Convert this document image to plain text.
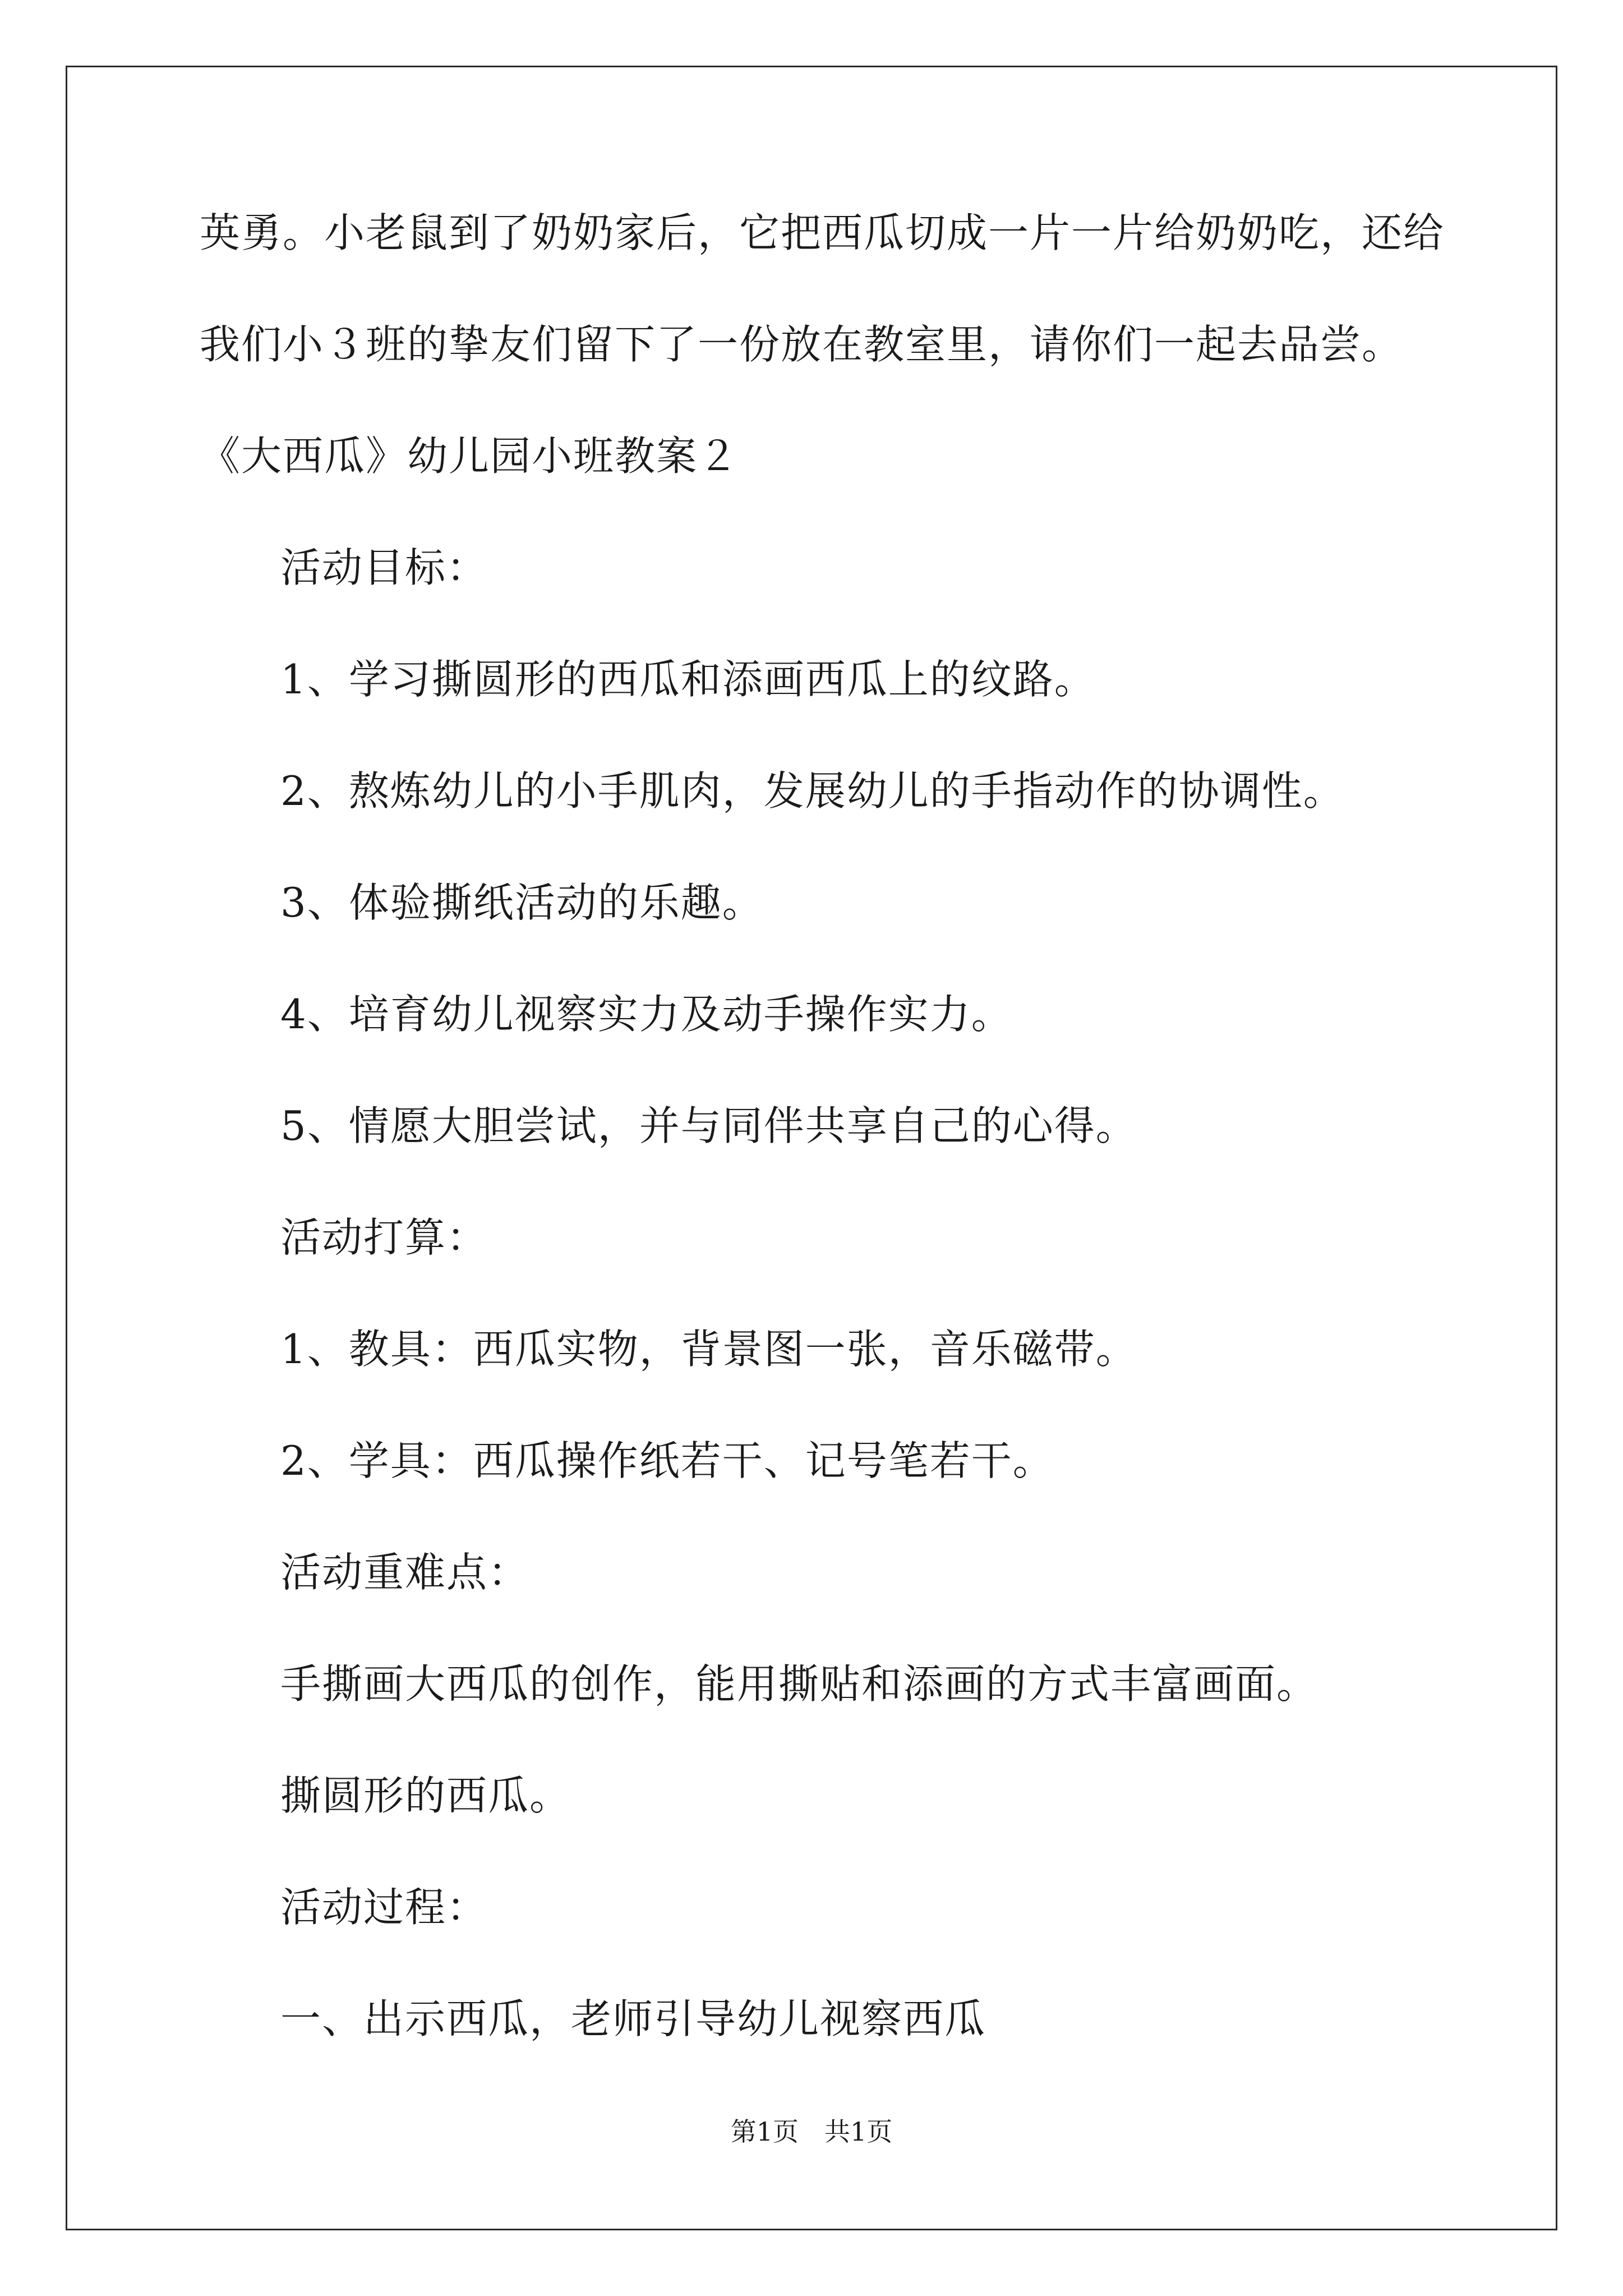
英勇。小老鼠到了奶奶家后，它把西瓜切成一片一片给奶奶吃，还给
我们小３班的挚友们留下了一份放在教室里，请你们一起去品尝。
《大西瓜》幼儿园小班教案２
活动目标：
1、学习撕圆形的西瓜和添画西瓜上的纹路。
2、熬炼幼儿的小手肌肉，发展幼儿的手指动作的协调性。
3、体验撕纸活动的乐趣。
4、培育幼儿视察实力及动手操作实力。
5、情愿大胆尝试，并与同伴共享自己的心得。
活动打算：
1、教具：西瓜实物，背景图一张，音乐磁带。
2、学具：西瓜操作纸若干、记号笔若干。
活动重难点：
手撕画大西瓜的创作，能用撕贴和添画的方式丰富画面。
撕圆形的西瓜。
活动过程：
一、出示西瓜，老师引导幼儿视察西瓜
第1页　共1页
